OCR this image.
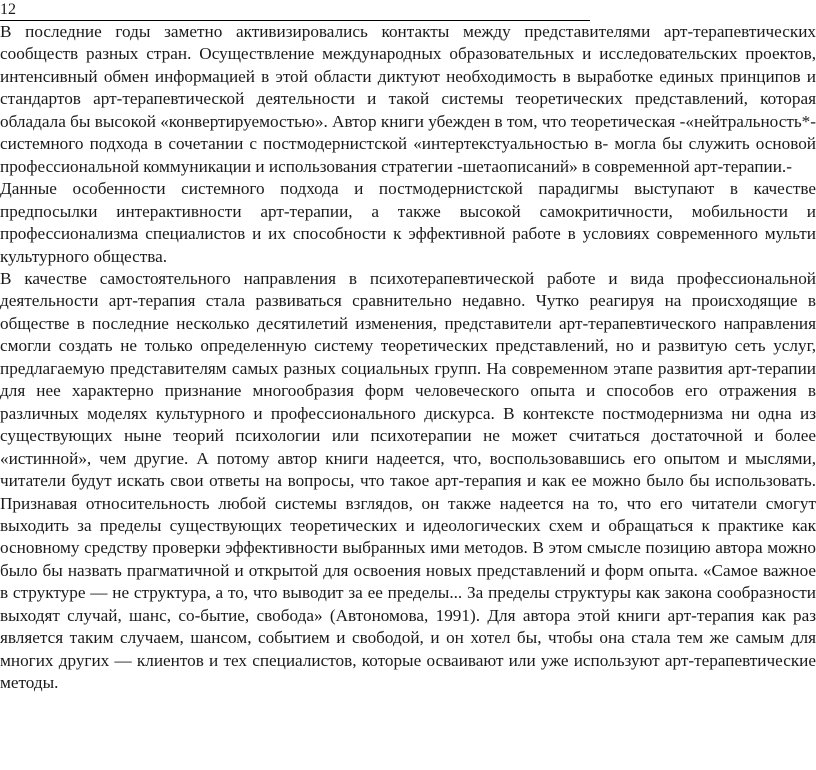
12

В последние годы заметно активизировались контакты между представителями арт-терапевтических сообществ разных стран. Осуществление международных образовательных и исследовательских проектов, интенсивный обмен информацией в этой области диктуют необходимость в выработке единых принципов и стандартов арт-терапевтической деятельности и такой системы теоретических представлений, которая обладала бы высокой «конвертируемостью». Автор книги убежден в том, что теоретическая -«нейтральность*- системного подхода в сочетании с постмодернистской «интертекстуальностью в- могла бы служить основой профессиональной коммуникации и использования стратегии -шетаописаний» в современной арт-терапии.-

Данные особенности системного подхода и постмодернистской парадигмы выступают в качестве предпосылки интерактивности арт-терапии, а также высокой самокритичности, мобильности и профессионализма специалистов и их способности к эффективной работе в условиях современного мульти культурного общества.

В качестве самостоятельного направления в психотерапевтической работе и вида профессиональной деятельности арт-терапия стала развиваться сравнительно недавно. Чутко реагируя на происходящие в обществе в последние несколько десятилетий изменения, представители арт-терапевтического направления смогли создать не только определенную систему теоретических представлений, но и развитую сеть услуг, предлагаемую представителям самых разных социальных групп. На современном этапе развития арт-терапии для нее характерно признание многообразия форм человеческого опыта и способов его отражения в различных моделях культурного и профессионального дискурса. В контексте постмодернизма ни одна из существующих ныне теорий психологии или психотерапии не может считаться достаточной и более «истинной», чем другие. А потому автор книги надеется, что, воспользовавшись его опытом и мыслями, читатели будут искать свои ответы на вопросы, что такое арт-терапия и как ее можно было бы использовать. Признавая относительность любой системы взглядов, он также надеется на то, что его читатели смогут выходить за пределы существующих теоретических и идеологических схем и обращаться к практике как основному средству проверки эффективности выбранных ими методов. В этом смысле позицию автора можно было бы назвать прагматичной и открытой для освоения новых представлений и форм опыта. «Самое важное в структуре — не структура, а то, что выводит за ее пределы... За пределы структуры как закона сообразности выходят случай, шанс, со-бытие, свобода» (Автономова, 1991). Для автора этой книги арт-терапия как раз является таким случаем, шансом, событием и свободой, и он хотел бы, чтобы она стала тем же самым для многих других — клиентов и тех специалистов, которые осваивают или уже используют арт-терапевтические методы.
